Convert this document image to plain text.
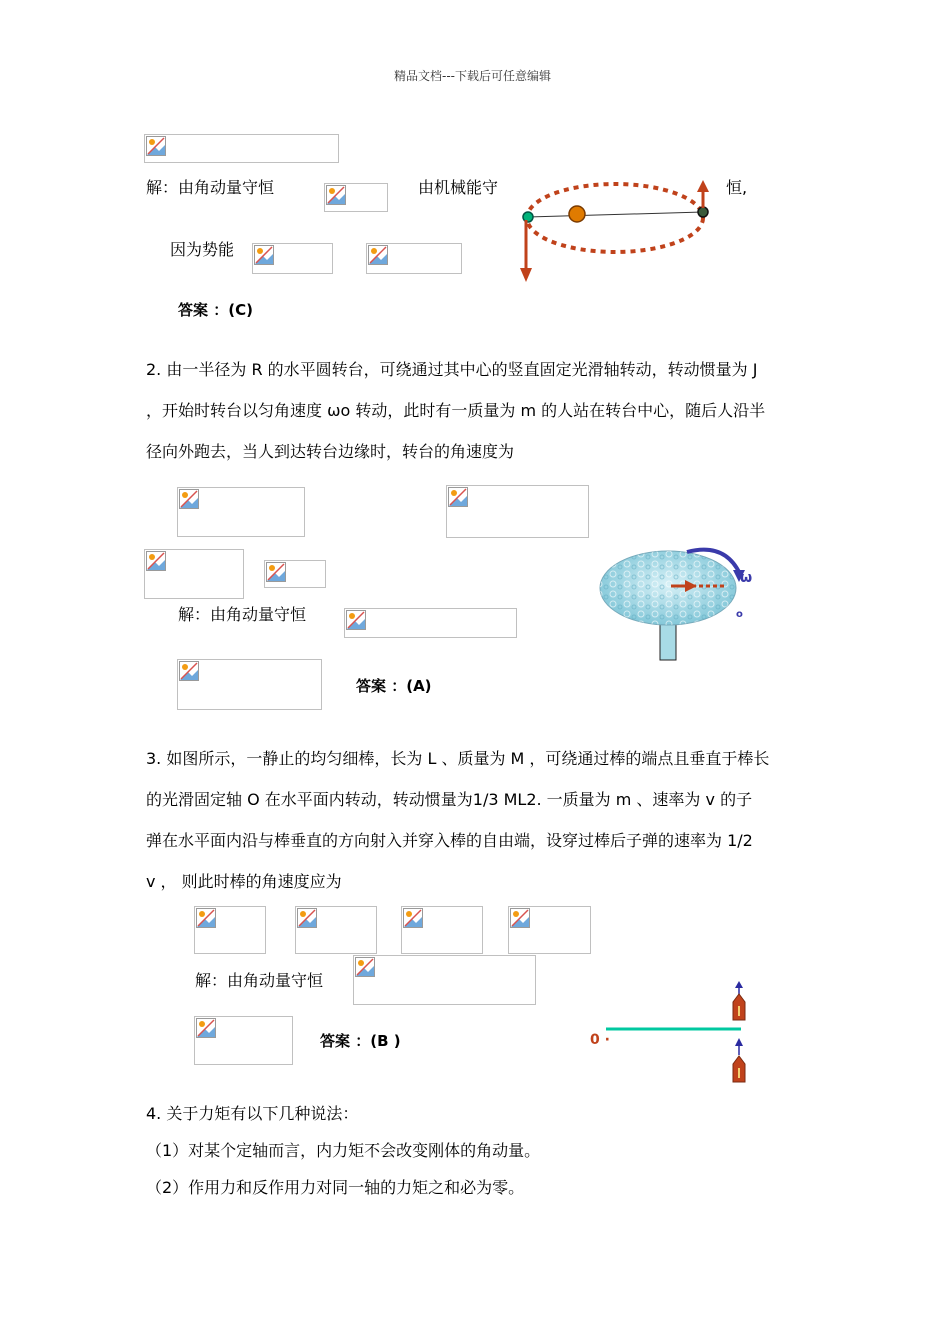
精品文档---下载后可任意编辑
解：由角动量守恒	由机械能守	恒,
因为势能
答案 ：(C)
2. 由一半径为 R 的水平圆转台，可绕通过其中心的竖直固定光滑轴转动，转动惯量为 J
，开始时转台以匀角速度 ωo 转动，此时有一质量为 m 的人站在转台中心，随后人沿半
径向外跑去，当人到达转台边缘时，转台的角速度为
解：由角动量守恒
答案 ：(A)
ω
o
3. 如图所示，一静止的均匀细棒，长为 L 、质量为 M ，可绕通过棒的端点且垂直于棒长
的光滑固定轴 O 在水平面内转动，转动惯量为1/3 ML2. 一质量为 m 、速率为 v 的子
弹在水平面内沿与棒垂直的方向射入并穿入棒的自由端，设穿过棒后子弹的速率为 1/2
v ， 则此时棒的角速度应为
解：由角动量守恒
答案 ：(B )	0 ·
4. 关于力矩有以下几种说法：
（1）对某个定轴而言，内力矩不会改变刚体的角动量。
（2）作用力和反作用力对同一轴的力矩之和必为零。
